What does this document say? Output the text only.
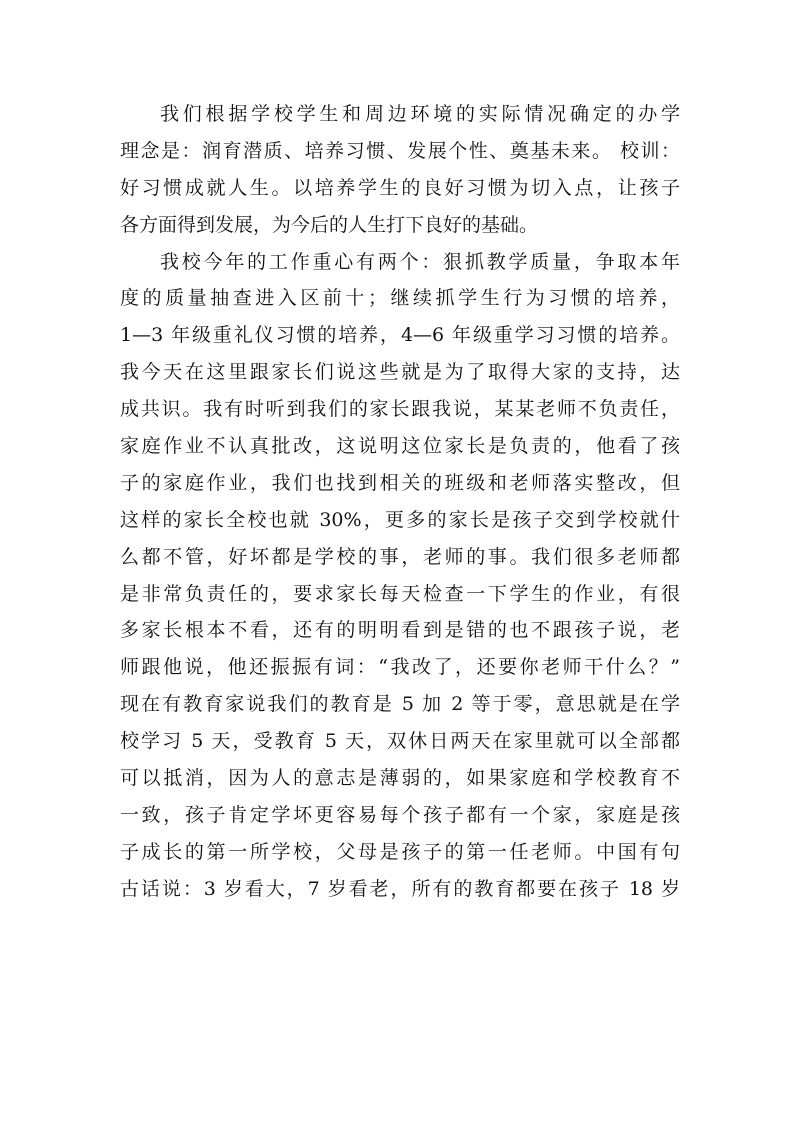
我们根据学校学生和周边环境的实际情况确定的办学
理念是：润育潜质、培养习惯、发展个性、奠基未来。 校训：
好习惯成就人生。以培养学生的良好习惯为切入点，让孩子
各方面得到发展，为今后的人生打下良好的基础。
我校今年的工作重心有两个：狠抓教学质量，争取本年
度的质量抽查进入区前十；继续抓学生行为习惯的培养，
1—3 年级重礼仪习惯的培养，4—6 年级重学习习惯的培养。
我今天在这里跟家长们说这些就是为了取得大家的支持，达
成共识。我有时听到我们的家长跟我说，某某老师不负责任，
家庭作业不认真批改，这说明这位家长是负责的，他看了孩
子的家庭作业，我们也找到相关的班级和老师落实整改，但
这样的家长全校也就 30%，更多的家长是孩子交到学校就什
么都不管，好坏都是学校的事，老师的事。我们很多老师都
是非常负责任的，要求家长每天检查一下学生的作业，有很
多家长根本不看，还有的明明看到是错的也不跟孩子说，老
师跟他说，他还振振有词：“我改了，还要你老师干什么？”
现在有教育家说我们的教育是 5 加 2 等于零，意思就是在学
校学习 5 天，受教育 5 天，双休日两天在家里就可以全部都
可以抵消，因为人的意志是薄弱的，如果家庭和学校教育不
一致，孩子肯定学坏更容易每个孩子都有一个家，家庭是孩
子成长的第一所学校，父母是孩子的第一任老师。中国有句
古话说：3 岁看大，7 岁看老，所有的教育都要在孩子 18 岁
